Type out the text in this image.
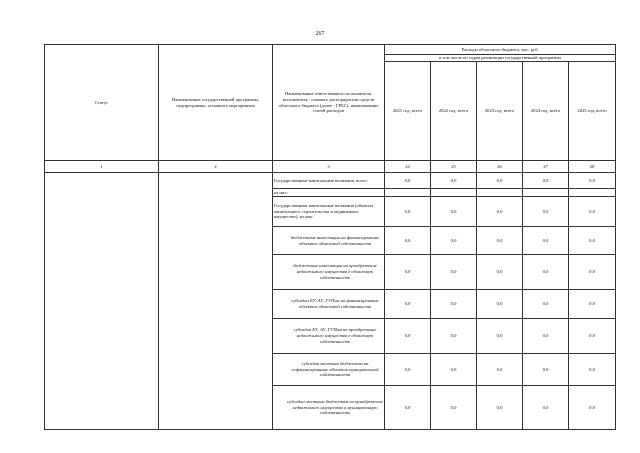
267
Статус	Наименование государственной программы, подпрограммы, основного мероприятия	Наименование ответственного исполнителя, исполнителя - главного распорядителя средств областного бюджета (далее - ГРБС), наименование статей расходов	Расходы областного бюджета, тыс. руб.				
			в том числе по годам реализации государственной программы				
			2021 год, всего	2022 год, всего	2023 год, всего	2024 год, всего	2025 год, всего
1	2	3	24	25	26	27	28
		Государственные капитальные вложения, всего:	0,0	0,0	0,0	0,0	0,0
		из них:					
		Государственные капитальные вложения (объекты капитального строительства и недвижимое имущество), из них:	0,0	0,0	0,0	0,0	0,0
		бюджетные инвестиции на финансирование объектов областной собственности	0,0	0,0	0,0	0,0	0,0
		бюджетные инвестиции на приобретение недвижимого имущества в областную собственность	0,0	0,0	0,0	0,0	0,0
		субсидии БУ, АУ, ГУПам на финансирование объектов областной собственности	0,0	0,0	0,0	0,0	0,0
		субсидии БУ, АУ, ГУПам на приобретение недвижимого имущества в областную собственность	0,0	0,0	0,0	0,0	0,0
		субсидии местным бюджетам на софинансирование объектов муниципальной собственности	0,0	0,0	0,0	0,0	0,0
		субсидии местным бюджетам на приобретение недвижимого имущества в муниципальную собственность	0,0	0,0	0,0	0,0	0,0
